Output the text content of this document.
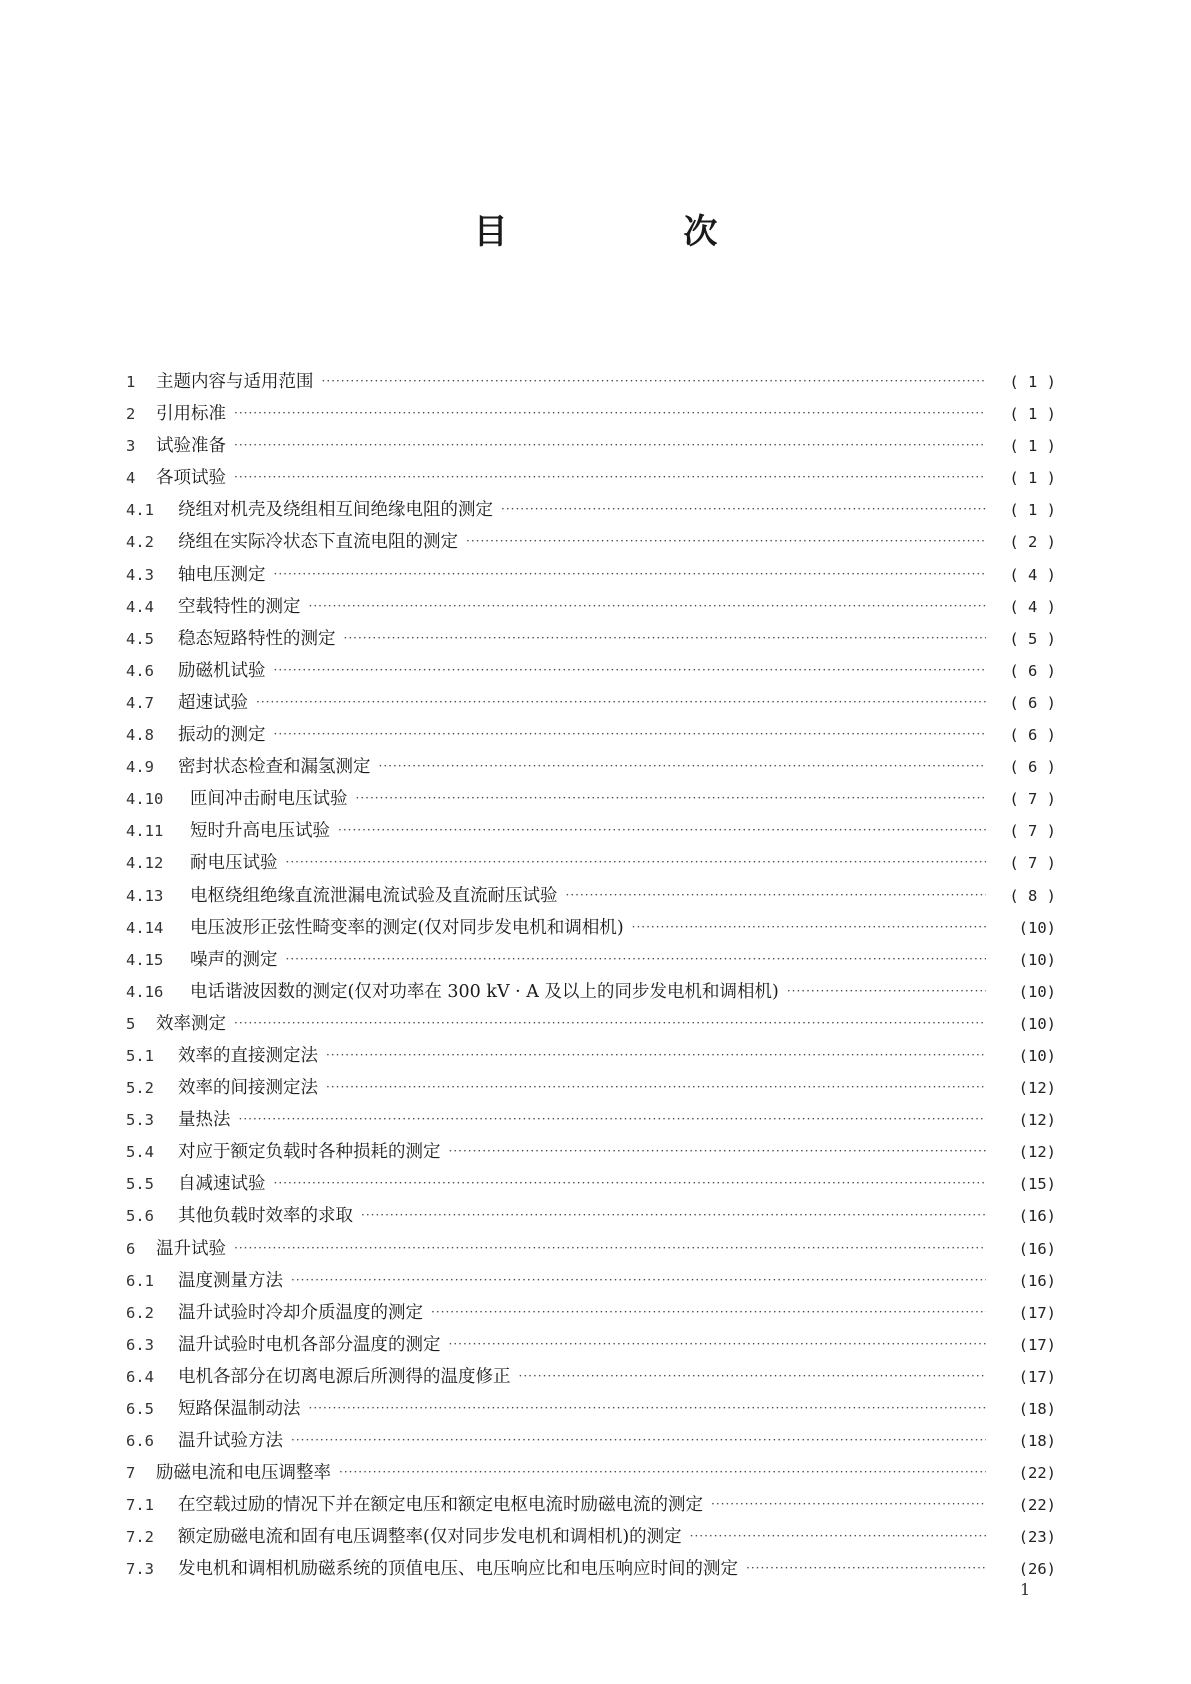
目 次
1	主题内容与适用范围 ·····	( 1 )
2	引用标准 ·····	( 1 )
3	试验准备 ·····	( 1 )
4	各项试验 ·····	( 1 )
4.1	绕组对机壳及绕组相互间绝缘电阻的测定 ·····	( 1 )
4.2	绕组在实际冷状态下直流电阻的测定 ·····	( 2 )
4.3	轴电压测定 ·····	( 4 )
4.4	空载特性的测定 ·····	( 4 )
4.5	稳态短路特性的测定 ·····	( 5 )
4.6	励磁机试验 ·····	( 6 )
4.7	超速试验 ·····	( 6 )
4.8	振动的测定 ·····	( 6 )
4.9	密封状态检查和漏氢测定 ·····	( 6 )
4.10	匝间冲击耐电压试验 ·····	( 7 )
4.11	短时升高电压试验 ·····	( 7 )
4.12	耐电压试验 ·····	( 7 )
4.13	电枢绕组绝缘直流泄漏电流试验及直流耐压试验 ·····	( 8 )
4.14	电压波形正弦性畸变率的测定(仅对同步发电机和调相机) ·····	(10)
4.15	噪声的测定 ·····	(10)
4.16	电话谐波因数的测定(仅对功率在 300 kV · A 及以上的同步发电机和调相机) ·····	(10)
5	效率测定 ·····	(10)
5.1	效率的直接测定法 ·····	(10)
5.2	效率的间接测定法 ·····	(12)
5.3	量热法 ·····	(12)
5.4	对应于额定负载时各种损耗的测定 ·····	(12)
5.5	自减速试验 ·····	(15)
5.6	其他负载时效率的求取 ·····	(16)
6	温升试验 ·····	(16)
6.1	温度测量方法 ·····	(16)
6.2	温升试验时冷却介质温度的测定 ·····	(17)
6.3	温升试验时电机各部分温度的测定 ·····	(17)
6.4	电机各部分在切离电源后所测得的温度修正 ·····	(17)
6.5	短路保温制动法 ·····	(18)
6.6	温升试验方法 ·····	(18)
7	励磁电流和电压调整率 ·····	(22)
7.1	在空载过励的情况下并在额定电压和额定电枢电流时励磁电流的测定 ·····	(22)
7.2	额定励磁电流和固有电压调整率(仅对同步发电机和调相机)的测定 ·····	(23)
7.3	发电机和调相机励磁系统的顶值电压、电压响应比和电压响应时间的测定 ·····	(26)
1
